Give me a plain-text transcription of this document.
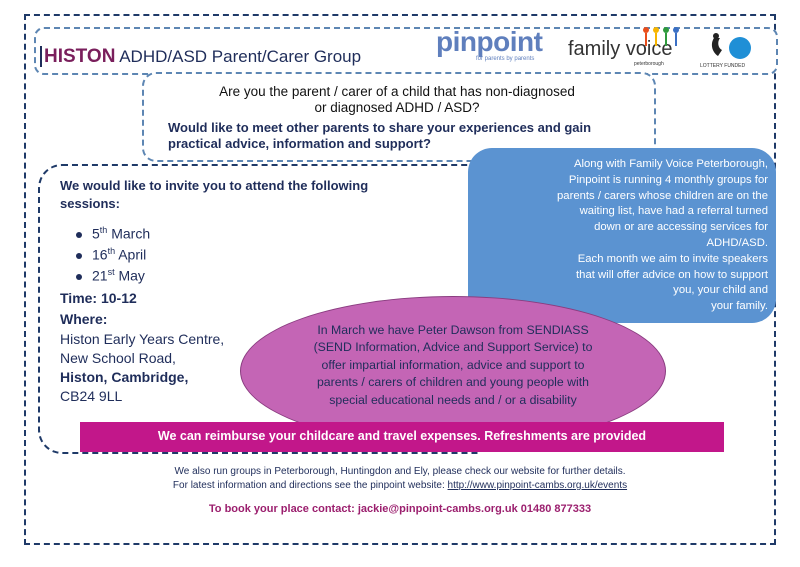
HISTON ADHD/ASD Parent/Carer Group	pinpoint
for parents by parents	family voice
peterborough	LOTTERY FUNDED
Are you the parent / carer of a child that has non-diagnosed
or diagnosed ADHD / ASD?
Would like to meet other parents to share your experiences and gain
practical advice, information and support?
We would like to invite you to attend the following
sessions:
5th March
16th April
21st May
Time: 10-12
Where:
Histon Early Years Centre,
New School Road,
Histon, Cambridge,
CB24 9LL
Along with Family Voice Peterborough,
Pinpoint is running 4 monthly groups for
parents / carers whose children are on the
waiting list, have had a referral turned
down or are accessing services for
ADHD/ASD.
Each month we aim to invite speakers
that will offer advice on how to support
you, your child and
your family.
In March we have Peter Dawson from SENDIASS
(SEND Information, Advice and Support Service) to
offer impartial information, advice and support to
parents / carers of children and young people with
special educational needs and / or a disability
We can reimburse your childcare and travel expenses. Refreshments are provided
We also run groups in Peterborough, Huntingdon and Ely, please check our website for further details.
For latest information and directions see the pinpoint website: http://www.pinpoint-cambs.org.uk/events
To book your place contact: jackie@pinpoint-cambs.org.uk 01480 877333
